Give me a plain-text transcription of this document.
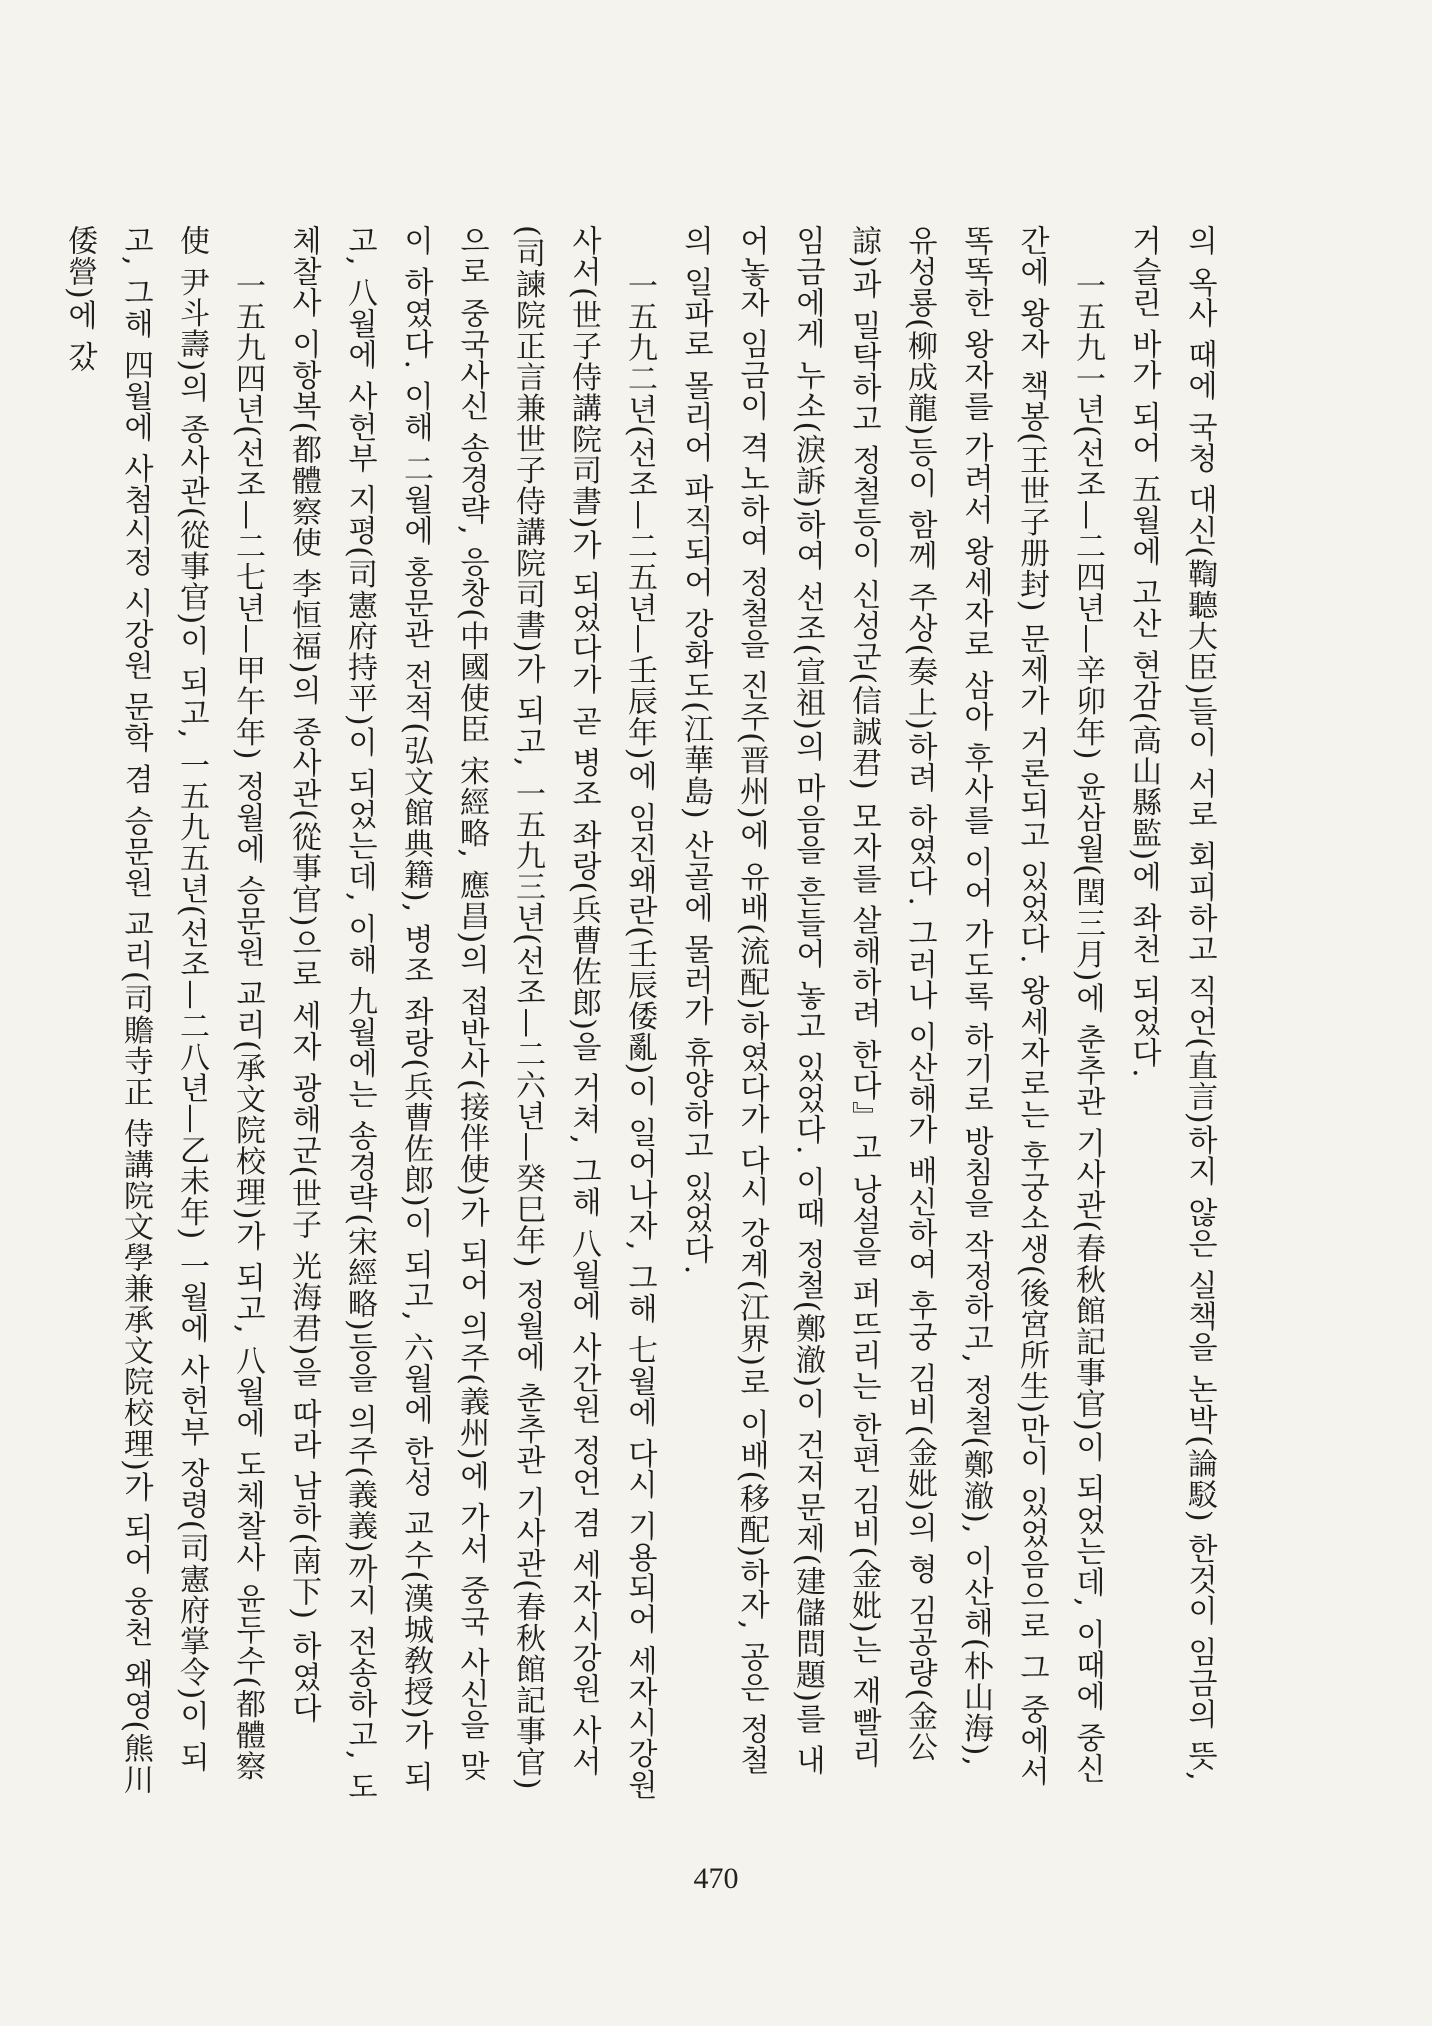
의 옥사 때에 국청 대신(鞫聽大臣)들이 서로 회피하고 직언(直言)하지 않은 실책을 논박(論駁) 한것이 임금의 뜻, 거슬린 바가 되어 五월에 고산 현감(高山縣監)에 좌천 되었다.

一五九一년(선조—二四년—辛卯年) 윤삼월(閏三月)에 춘추관 기사관(春秋館記事官)이 되었는데, 이때에 중신간에 왕자 책봉(王世子册封) 문제가 거론되고 있었다. 왕세자로는 후궁소생(後宮所生)만이 있었음으로 그 중에서 똑똑한 왕자를 가려서 왕세자로 삼아 후사를 이어 가도록 하기로 방침을 작정하고, 정철(鄭澈), 이산해(朴山海), 유성룡(柳成龍)등이 함께 주상(奏上)하려 하였다. 그러나 이산해가 배신하여 후궁 김비(金妣)의 형 김공량(金公諒)과 밀탁하고 정철등이 신성군(信誠君) 모자를 살해하려 한다』고 낭설을 퍼뜨리는 한편 김비(金妣)는 재빨리 임금에게 누소(淚訴)하여 선조(宣祖)의 마음을 흔들어 놓고 있었다. 이때 정철(鄭澈)이 건저문제(建儲問題)를 내어놓자 임금이 격노하여 정철을 진주(晋州)에 유배(流配)하였다가 다시 강계(江界)로 이배(移配)하자, 공은 정철의 일파로 몰리어 파직되어 강화도(江華島) 산골에 물러가 휴양하고 있었다.

一五九二년(선조—二五년—壬辰年)에 임진왜란(壬辰倭亂)이 일어나자, 그해 七월에 다시 기용되어 세자시강원 사서(世子侍講院司書)가 되었다가 곧 병조 좌랑(兵曹佐郎)을 거쳐, 그해 八월에 사간원 정언 겸 세자시강원 사서(司諫院正言兼世子侍講院司書)가 되고, 一五九三년(선조—二六년—癸巳年) 정월에 춘추관 기사관(春秋館記事官)으로 중국사신 송경략, 응창(中國使臣 宋經略, 應昌)의 접반사(接伴使)가 되어 의주(義州)에 가서 중국 사신을 맞이 하였다. 이해 二월에 홍문관 전적(弘文館典籍), 병조 좌랑(兵曹佐郎)이 되고, 六월에 한성 교수(漢城敎授)가 되고, 八월에 사헌부 지평(司憲府持平)이 되었는데, 이해 九월에는 송경략(宋經略)등을 의주(義義)까지 전송하고, 도체찰사 이항복(都體察使 李恒福)의 종사관(從事官)으로 세자 광해군(世子 光海君)을 따라 남하(南下) 하였다

一五九四년(선조—二七년—甲午年) 정월에 승문원 교리(承文院校理)가 되고, 八월에 도체찰사 윤두수(都體察使 尹斗壽)의 종사관(從事官)이 되고, 一五九五년(선조—二八년—乙未年) 一월에 사헌부 장령(司憲府掌令)이 되고, 그해 四월에 사첨시정 시강원 문학 겸 승문원 교리(司贍寺正 侍講院文學兼承文院校理)가 되어 웅천 왜영(熊川倭營)에 갔

470
